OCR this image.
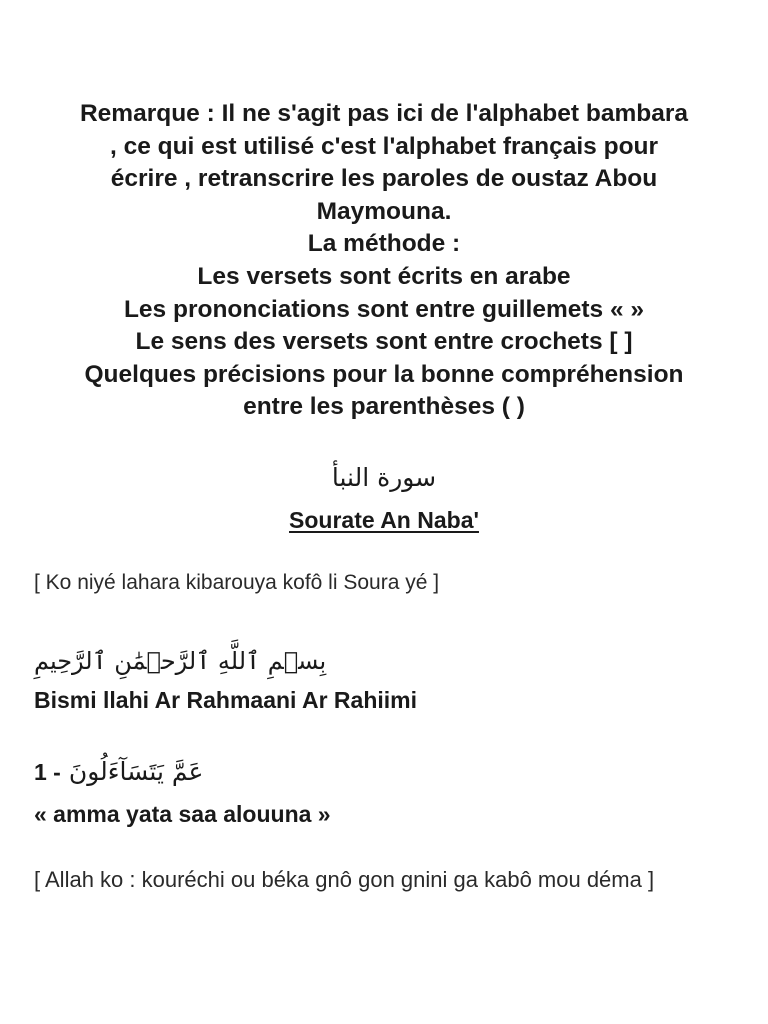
Remarque : Il ne s'agit pas ici de l'alphabet bambara
, ce qui est utilisé c'est l'alphabet français pour
écrire , retranscrire les paroles de oustaz Abou
Maymouna.
La méthode :
Les versets sont écrits en arabe
Les prononciations sont entre guillemets « »
Le sens des versets sont entre crochets [ ]
Quelques précisions pour la bonne compréhension
entre les parenthèses ( )
سورة النبأ
Sourate An Naba'
[ Ko niyé lahara kibarouya kofô li Soura yé ]
بِسۡمِ ٱللَّهِ ٱلرَّحۡمَٰنِ ٱلرَّحِيمِ
Bismi llahi Ar Rahmaani Ar Rahiimi
1 - عَمَّ يَتَسَآءَلُونَ
« amma yata saa alouuna »
[ Allah ko : kouréchi ou béka gnô gon gnini ga kabô mou déma ]
